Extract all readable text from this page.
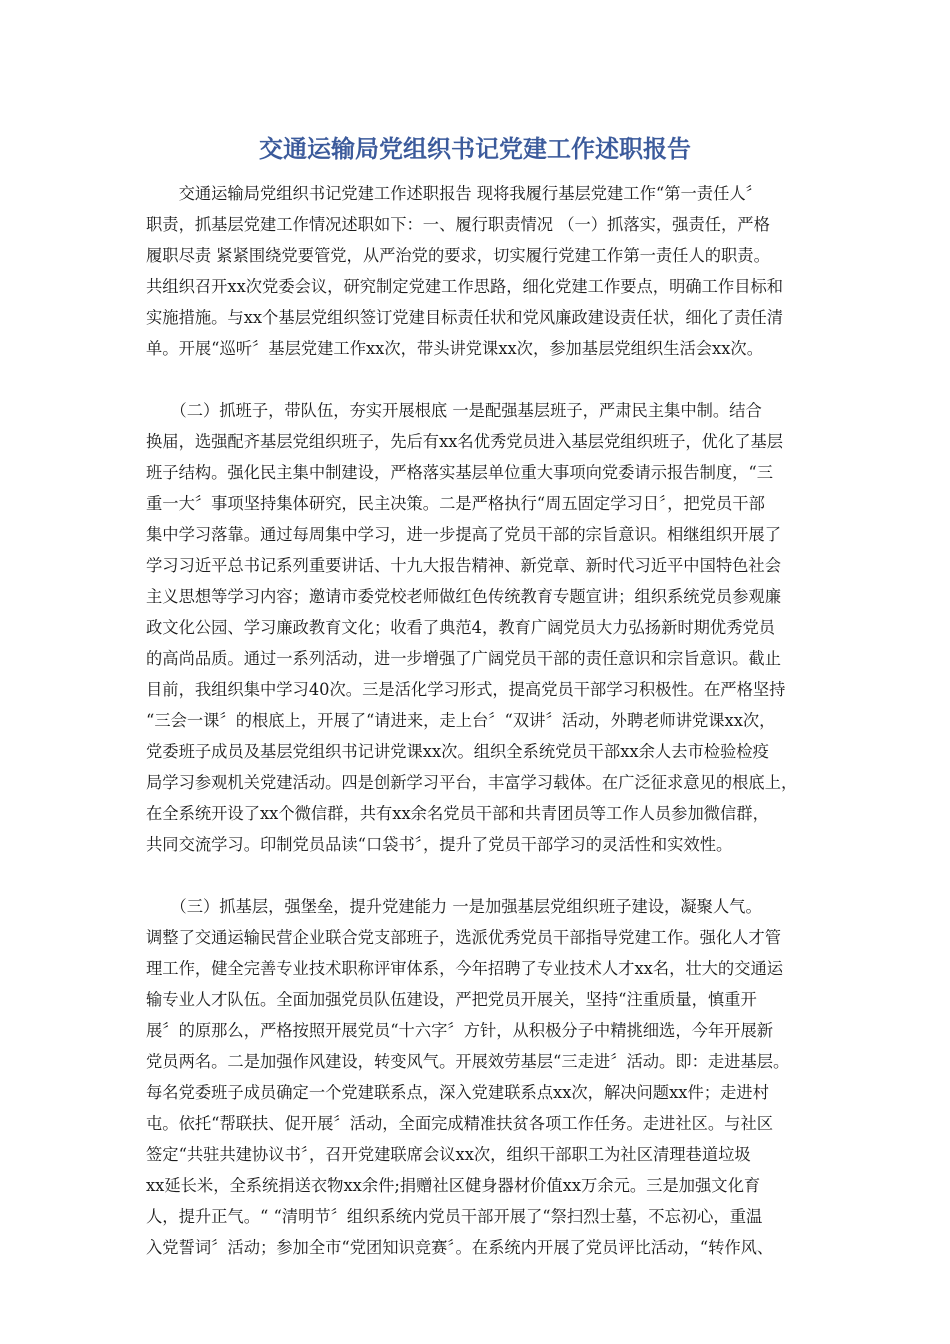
交通运输局党组织书记党建工作述职报告

　　交通运输局党组织书记党建工作述职报告 现将我履行基层党建工作“第一责任人〞

职责，抓基层党建工作情况述职如下：一、履行职责情况 （一）抓落实，强责任，严格

履职尽责 紧紧围绕党要管党，从严治党的要求，切实履行党建工作第一责任人的职责。

共组织召开xx次党委会议，研究制定党建工作思路，细化党建工作要点，明确工作目标和

实施措施。与xx个基层党组织签订党建目标责任状和党风廉政建设责任状，细化了责任清

单。开展“巡听〞基层党建工作xx次，带头讲党课xx次，参加基层党组织生活会xx次。

　　（二）抓班子，带队伍，夯实开展根底 一是配强基层班子，严肃民主集中制。结合

换届，选强配齐基层党组织班子，先后有xx名优秀党员进入基层党组织班子，优化了基层

班子结构。强化民主集中制建设，严格落实基层单位重大事项向党委请示报告制度，“三

重一大〞事项坚持集体研究，民主决策。二是严格执行“周五固定学习日〞，把党员干部

集中学习落靠。通过每周集中学习，进一步提高了党员干部的宗旨意识。相继组织开展了

学习习近平总书记系列重要讲话、十九大报告精神、新党章、新时代习近平中国特色社会

主义思想等学习内容；邀请市委党校老师做红色传统教育专题宣讲；组织系统党员参观廉

政文化公园、学习廉政教育文化；收看了典范4，教育广阔党员大力弘扬新时期优秀党员

的高尚品质。通过一系列活动，进一步增强了广阔党员干部的责任意识和宗旨意识。截止

目前，我组织集中学习40次。三是活化学习形式，提高党员干部学习积极性。在严格坚持

“三会一课〞的根底上，开展了“请进来，走上台〞“双讲〞活动，外聘老师讲党课xx次，

党委班子成员及基层党组织书记讲党课xx次。组织全系统党员干部xx余人去市检验检疫

局学习参观机关党建活动。四是创新学习平台，丰富学习载体。在广泛征求意见的根底上，

在全系统开设了xx个微信群，共有xx余名党员干部和共青团员等工作人员参加微信群，

共同交流学习。印制党员品读“口袋书〞，提升了党员干部学习的灵活性和实效性。

　　（三）抓基层，强堡垒，提升党建能力 一是加强基层党组织班子建设，凝聚人气。

调整了交通运输民营企业联合党支部班子，选派优秀党员干部指导党建工作。强化人才管

理工作，健全完善专业技术职称评审体系，今年招聘了专业技术人才xx名，壮大的交通运

输专业人才队伍。全面加强党员队伍建设，严把党员开展关，坚持“注重质量，慎重开

展〞的原那么，严格按照开展党员“十六字〞方针，从积极分子中精挑细选，今年开展新

党员两名。二是加强作风建设，转变风气。开展效劳基层“三走进〞活动。即：走进基层。

每名党委班子成员确定一个党建联系点，深入党建联系点xx次，解决问题xx件；走进村

屯。依托“帮联扶、促开展〞活动，全面完成精准扶贫各项工作任务。走进社区。与社区

签定“共驻共建协议书〞，召开党建联席会议xx次，组织干部职工为社区清理巷道垃圾

xx延长米，全系统捐送衣物xx余件;捐赠社区健身器材价值xx万余元。三是加强文化育

人，提升正气。“ “清明节〞组织系统内党员干部开展了“祭扫烈士墓，不忘初心，重温

入党誓词〞活动；参加全市“党团知识竞赛〞。在系统内开展了党员评比活动，“转作风、
